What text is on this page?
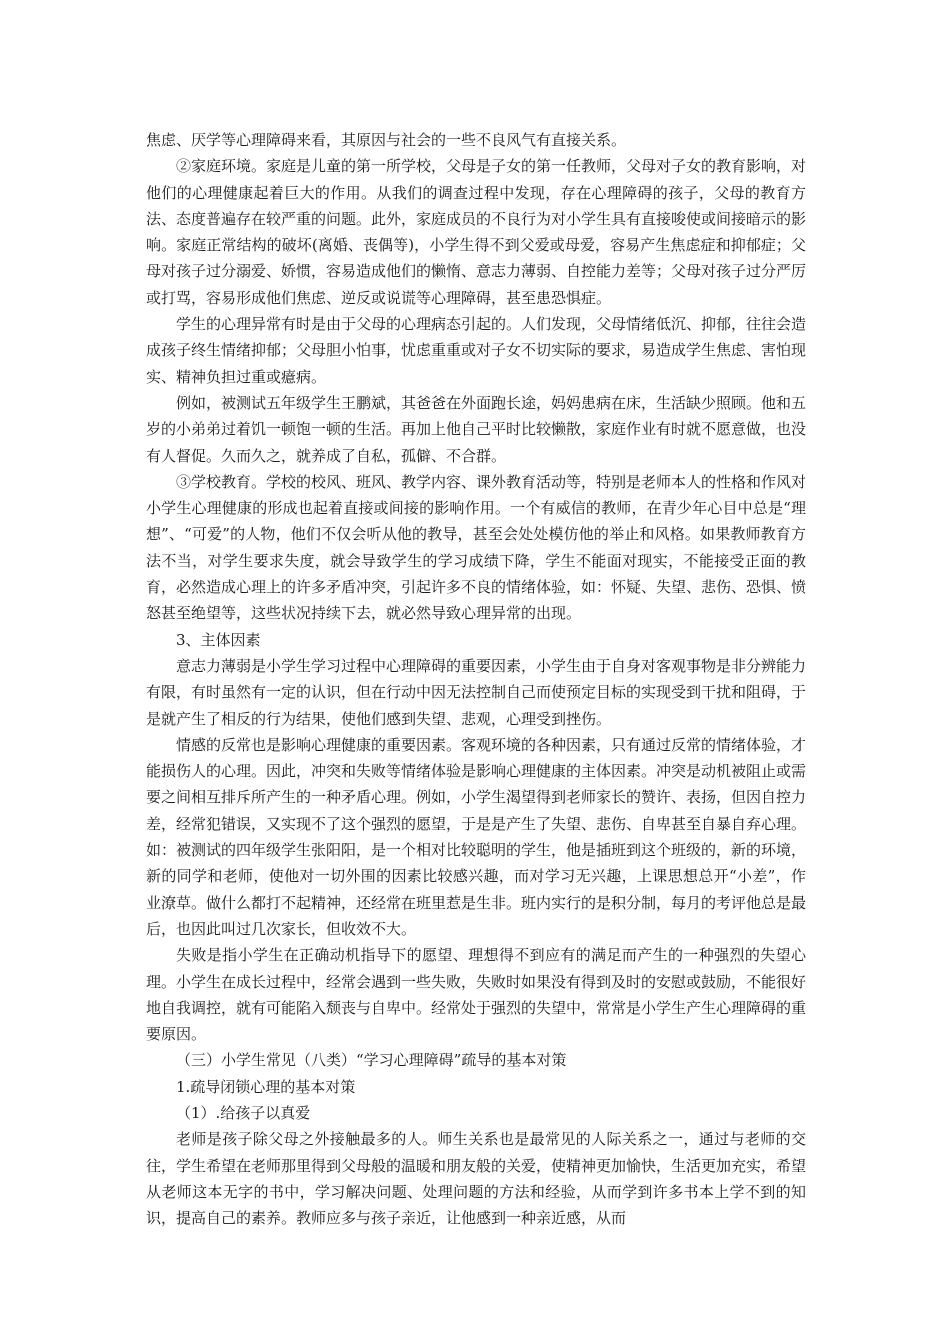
焦虑、厌学等心理障碍来看，其原因与社会的一些不良风气有直接关系。

②家庭环境。家庭是儿童的第一所学校，父母是子女的第一任教师，父母对子女的教育影响，对他们的心理健康起着巨大的作用。从我们的调查过程中发现，存在心理障碍的孩子，父母的教育方法、态度普遍存在较严重的问题。此外，家庭成员的不良行为对小学生具有直接唆使或间接暗示的影响。家庭正常结构的破坏(离婚、丧偶等)，小学生得不到父爱或母爱，容易产生焦虑症和抑郁症；父母对孩子过分溺爱、娇惯，容易造成他们的懒惰、意志力薄弱、自控能力差等；父母对孩子过分严厉或打骂，容易形成他们焦虑、逆反或说谎等心理障碍，甚至患恐惧症。

学生的心理异常有时是由于父母的心理病态引起的。人们发现，父母情绪低沉、抑郁，往往会造成孩子终生情绪抑郁；父母胆小怕事，忧虑重重或对子女不切实际的要求，易造成学生焦虑、害怕现实、精神负担过重或癔病。

例如，被测试五年级学生王鹏斌，其爸爸在外面跑长途，妈妈患病在床，生活缺少照顾。他和五岁的小弟弟过着饥一顿饱一顿的生活。再加上他自己平时比较懒散，家庭作业有时就不愿意做，也没有人督促。久而久之，就养成了自私，孤僻、不合群。

③学校教育。学校的校风、班风、教学内容、课外教育活动等，特别是老师本人的性格和作风对小学生心理健康的形成也起着直接或间接的影响作用。一个有威信的教师，在青少年心目中总是“理想”、“可爱”的人物，他们不仅会听从他的教导，甚至会处处模仿他的举止和风格。如果教师教育方法不当，对学生要求失度，就会导致学生的学习成绩下降，学生不能面对现实，不能接受正面的教育，必然造成心理上的许多矛盾冲突，引起许多不良的情绪体验，如：怀疑、失望、悲伤、恐惧、愤怒甚至绝望等，这些状况持续下去，就必然导致心理异常的出现。

3、主体因素

意志力薄弱是小学生学习过程中心理障碍的重要因素，小学生由于自身对客观事物是非分辨能力有限，有时虽然有一定的认识，但在行动中因无法控制自己而使预定目标的实现受到干扰和阻碍，于是就产生了相反的行为结果，使他们感到失望、悲观，心理受到挫伤。

情感的反常也是影响心理健康的重要因素。客观环境的各种因素，只有通过反常的情绪体验，才能损伤人的心理。因此，冲突和失败等情绪体验是影响心理健康的主体因素。冲突是动机被阻止或需要之间相互排斥所产生的一种矛盾心理。例如，小学生渴望得到老师家长的赞许、表扬，但因自控力差，经常犯错误，又实现不了这个强烈的愿望，于是是产生了失望、悲伤、自卑甚至自暴自弃心理。如：被测试的四年级学生张阳阳，是一个相对比较聪明的学生，他是插班到这个班级的，新的环境，新的同学和老师，使他对一切外围的因素比较感兴趣，而对学习无兴趣，上课思想总开“小差”，作业潦草。做什么都打不起精神，还经常在班里惹是生非。班内实行的是积分制，每月的考评他总是最后，也因此叫过几次家长，但收效不大。

失败是指小学生在正确动机指导下的愿望、理想得不到应有的满足而产生的一种强烈的失望心理。小学生在成长过程中，经常会遇到一些失败，失败时如果没有得到及时的安慰或鼓励，不能很好地自我调控，就有可能陷入颓丧与自卑中。经常处于强烈的失望中，常常是小学生产生心理障碍的重要原因。

（三）小学生常见（八类）“学习心理障碍”疏导的基本对策

1.疏导闭锁心理的基本对策

（1）.给孩子以真爱

老师是孩子除父母之外接触最多的人。师生关系也是最常见的人际关系之一，通过与老师的交往，学生希望在老师那里得到父母般的温暖和朋友般的关爱，使精神更加愉快，生活更加充实，希望从老师这本无字的书中，学习解决问题、处理问题的方法和经验，从而学到许多书本上学不到的知识，提高自己的素养。教师应多与孩子亲近，让他感到一种亲近感，从而
